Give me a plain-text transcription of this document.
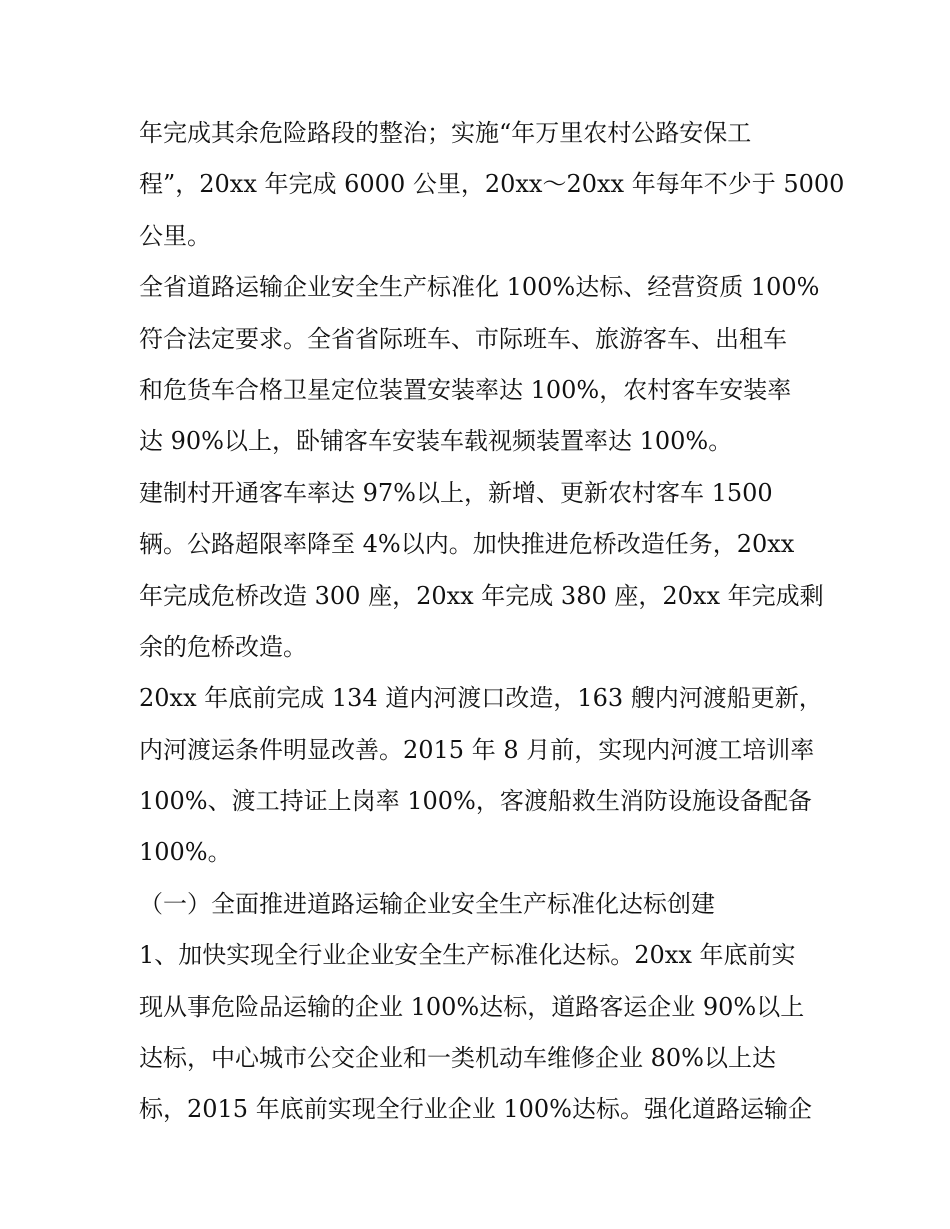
年完成其余危险路段的整治；实施“年万里农村公路安保工
程”，20xx 年完成 6000 公里，20xx～20xx 年每年不少于 5000
公里。
全省道路运输企业安全生产标准化 100%达标、经营资质 100%
符合法定要求。全省省际班车、市际班车、旅游客车、出租车
和危货车合格卫星定位装置安装率达 100%，农村客车安装率
达 90%以上，卧铺客车安装车载视频装置率达 100%。
建制村开通客车率达 97%以上，新增、更新农村客车 1500
辆。公路超限率降至 4%以内。加快推进危桥改造任务，20xx
年完成危桥改造 300 座，20xx 年完成 380 座，20xx 年完成剩
余的危桥改造。
20xx 年底前完成 134 道内河渡口改造，163 艘内河渡船更新，
内河渡运条件明显改善。2015 年 8 月前，实现内河渡工培训率
100%、渡工持证上岗率 100%，客渡船救生消防设施设备配备
100%。
（一）全面推进道路运输企业安全生产标准化达标创建
1、加快实现全行业企业安全生产标准化达标。20xx 年底前实
现从事危险品运输的企业 100%达标，道路客运企业 90%以上
达标，中心城市公交企业和一类机动车维修企业 80%以上达
标，2015 年底前实现全行业企业 100%达标。强化道路运输企
